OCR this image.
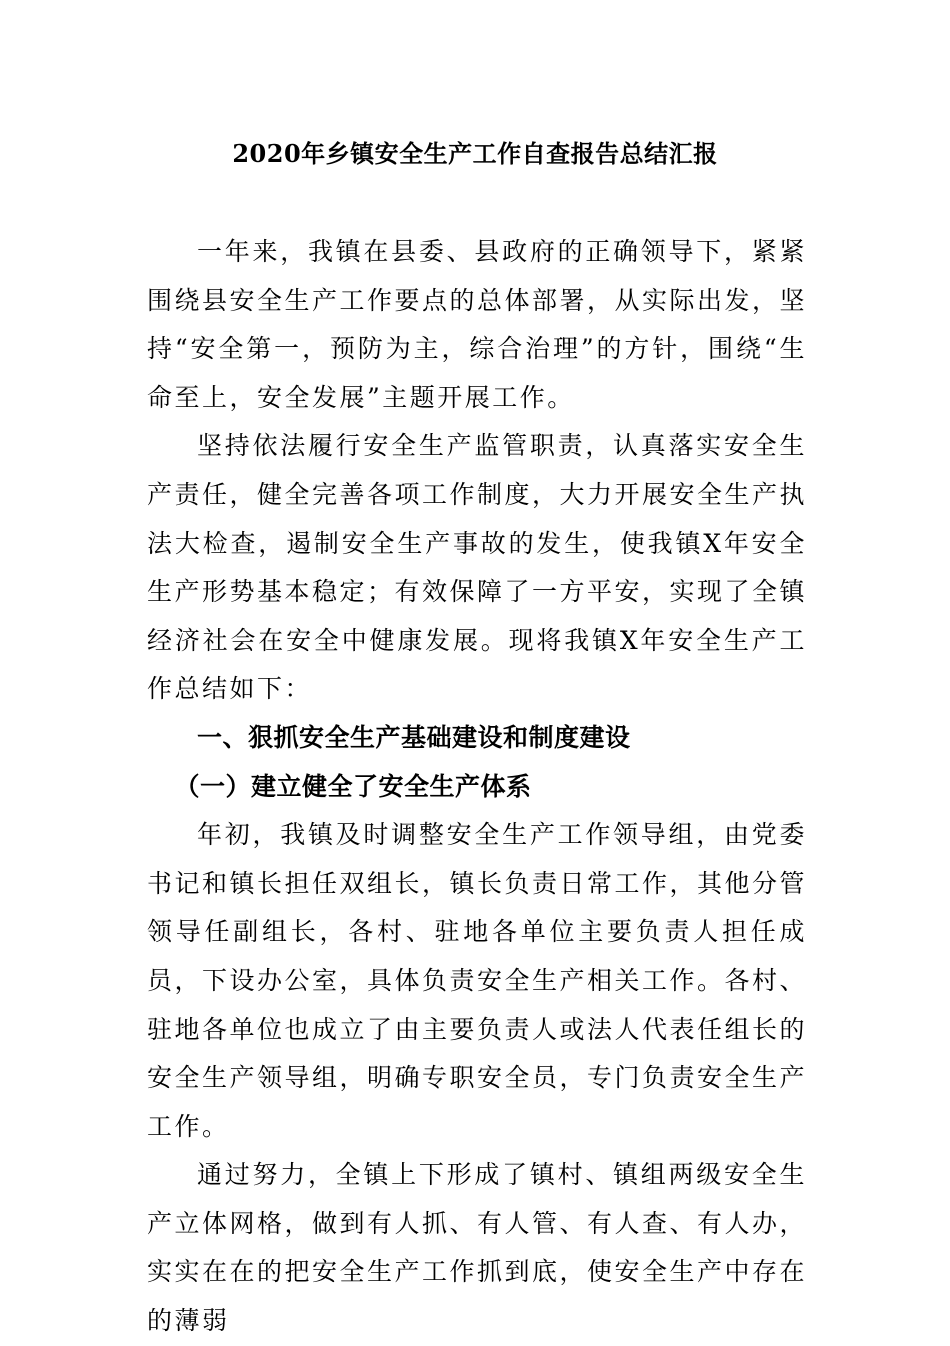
2020年乡镇安全生产工作自查报告总结汇报

一年来，我镇在县委、县政府的正确领导下，紧紧围绕县安全生产工作要点的总体部署，从实际出发，坚持“安全第一，预防为主，综合治理”的方针，围绕“生命至上，安全发展”主题开展工作。

坚持依法履行安全生产监管职责，认真落实安全生产责任，健全完善各项工作制度，大力开展安全生产执法大检查，遏制安全生产事故的发生，使我镇X年安全生产形势基本稳定；有效保障了一方平安，实现了全镇经济社会在安全中健康发展。现将我镇X年安全生产工作总结如下：

一、狠抓安全生产基础建设和制度建设

（一）建立健全了安全生产体系

年初，我镇及时调整安全生产工作领导组，由党委书记和镇长担任双组长，镇长负责日常工作，其他分管领导任副组长，各村、驻地各单位主要负责人担任成员，下设办公室，具体负责安全生产相关工作。各村、驻地各单位也成立了由主要负责人或法人代表任组长的安全生产领导组，明确专职安全员，专门负责安全生产工作。

通过努力，全镇上下形成了镇村、镇组两级安全生产立体网格，做到有人抓、有人管、有人查、有人办，实实在在的把安全生产工作抓到底，使安全生产中存在的薄弱
